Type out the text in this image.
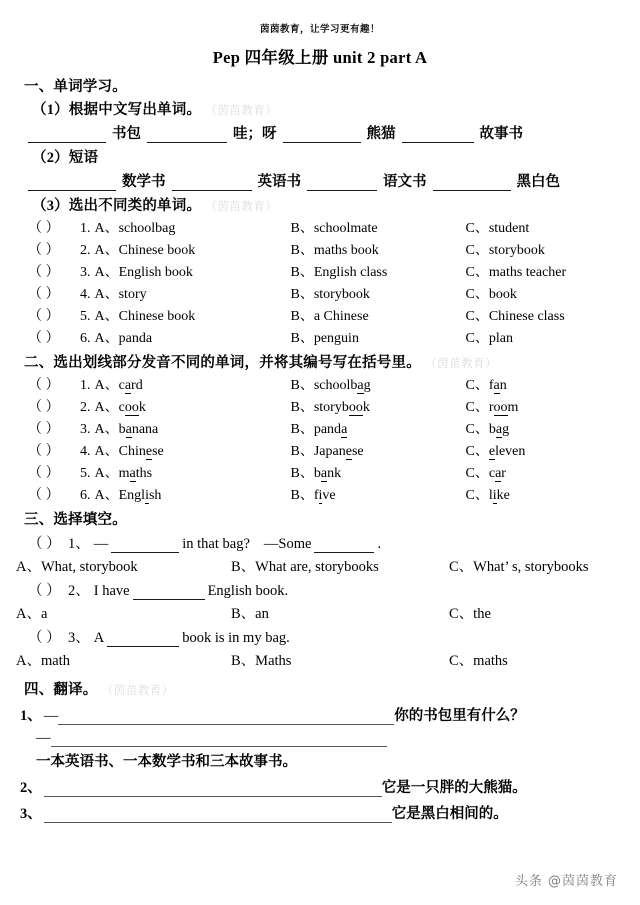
茵茵教育，让学习更有趣！
Pep 四年级上册 unit 2 part A
一、单词学习。
（1）根据中文写出单词。 （茵苗教育）
书包	哇；呀	熊猫	故事书
（2）短语
数学书	英语书	语文书	黑白色
（3）选出不同类的单词。 （茵苗教育）
（ ）	1. A、schoolbag	B、schoolmate	C、student
（ ）	2. A、Chinese book	B、maths book	C、storybook
（ ）	3. A、English book	B、English class	C、maths teacher
（ ）	4. A、story	B、storybook	C、book
（ ）	5. A、Chinese book	B、a Chinese	C、Chinese class
（ ）	6. A、panda	B、penguin	C、plan
二、选出划线部分发音不同的单词，并将其编号写在括号里。 （茵苗教育）
（ ）	1. A、card	B、schoolbag	C、fan
（ ）	2. A、cook	B、storybook	C、room
（ ）	3. A、banana	B、panda	C、bag
（ ）	4. A、Chinese	B、Japanese	C、eleven
（ ）	5. A、maths	B、bank	C、car
（ ）	6. A、English	B、five	C、like
三、选择填空。
（ ） 1、 —	in that bag? —Some	.
A、What, storybook	B、What are, storybooks	C、What’ s, storybooks
（ ） 2、 I have	English book.
A、a	B、an	C、the
（ ） 3、 A	book is in my bag.
A、math	B、Maths	C、maths
四、翻译。 （茵苗教育）
1、 —	你的书包里有什么？
—
一本英语书、一本数学书和三本故事书。
2、	它是一只胖的大熊猫。
3、	它是黑白相间的。
头条 @茵茵教育
